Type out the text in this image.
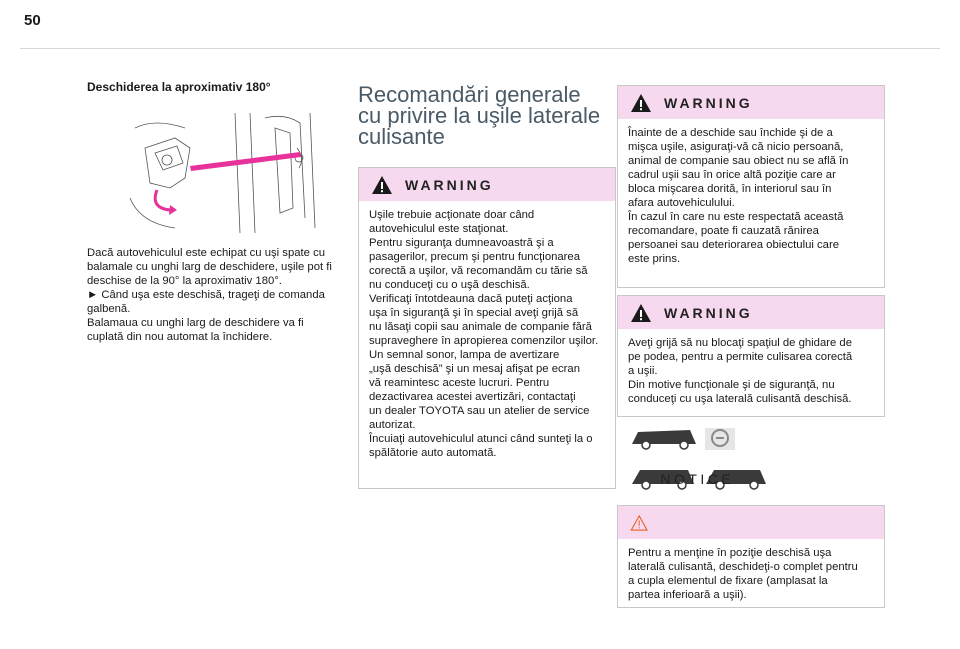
50

Deschiderea la aproximativ 180°

Dacă autovehiculul este echipat cu uşi spate cu
balamale cu unghi larg de deschidere, uşile pot fi
deschise de la 90° la aproximativ 180°.
► Când uşa este deschisă, trageţi de comanda
galbenă.
Balamaua cu unghi larg de deschidere va fi
cuplată din nou automat la închidere.
Recomandări generale
cu privire la uşile laterale
culisante
WARNING
Uşile trebuie acţionate doar când
autovehiculul este staţionat.
Pentru siguranţa dumneavoastră şi a
pasagerilor, precum şi pentru funcţionarea
corectă a uşilor, vă recomandăm cu tărie să
nu conduceţi cu o uşă deschisă.
Verificaţi întotdeauna dacă puteţi acţiona
uşa în siguranţă şi în special aveţi grijă să
nu lăsaţi copii sau animale de companie fără
supraveghere în apropierea comenzilor uşilor.
Un semnal sonor, lampa de avertizare
„uşă deschisă” şi un mesaj afişat pe ecran
vă reamintesc aceste lucruri. Pentru
dezactivarea acestei avertizări, contactaţi
un dealer TOYOTA sau un atelier de service
autorizat.
Încuiaţi autovehiculul atunci când sunteţi la o
spălătorie auto automată.
WARNING
Înainte de a deschide sau închide şi de a
mişca uşile, asiguraţi-vă că nicio persoană,
animal de companie sau obiect nu se află în
cadrul uşii sau în orice altă poziţie care ar
bloca mişcarea dorită, în interiorul sau în
afara autovehiculului.
În cazul în care nu este respectată această
recomandare, poate fi cauzată rănirea
persoanei sau deteriorarea obiectului care
este prins.
WARNING
Aveţi grijă să nu blocaţi spaţiul de ghidare de
pe podea, pentru a permite culisarea corectă
a uşii.
Din motive funcţionale şi de siguranţă, nu
conduceţi cu uşa laterală culisantă deschisă.
NOTICE
Pentru a menţine în poziţie deschisă uşa
laterală culisantă, deschideţi-o complet pentru
a cupla elementul de fixare (amplasat la
partea inferioară a uşii).
